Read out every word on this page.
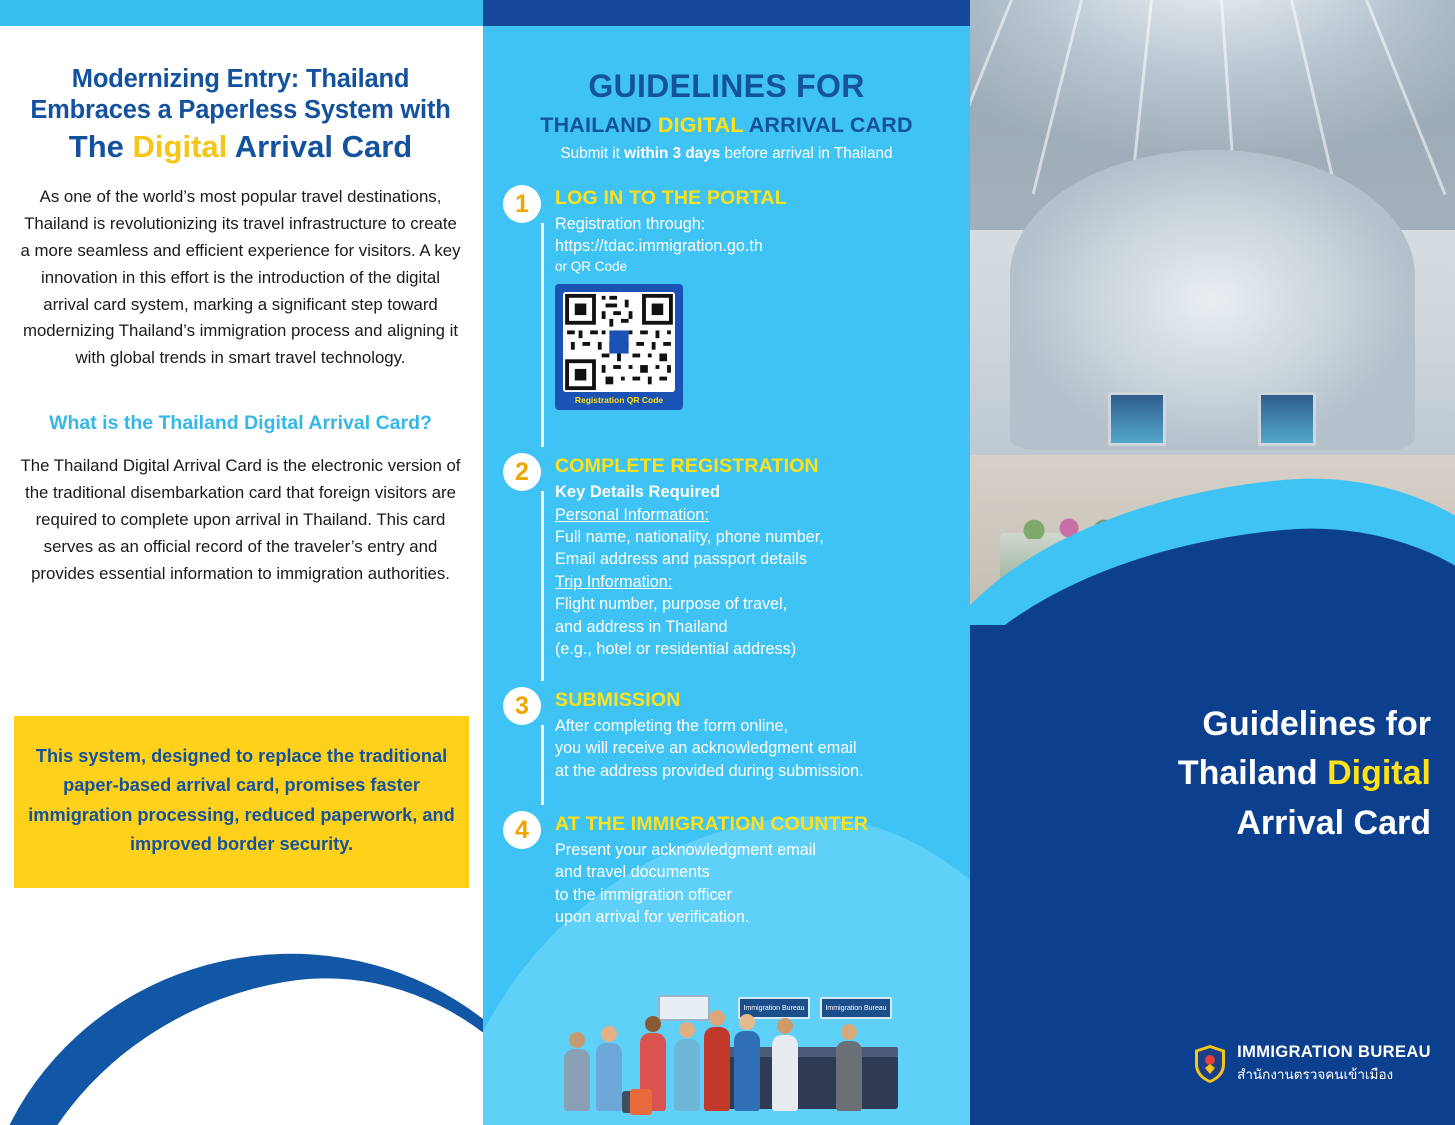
Modernizing Entry: Thailand
Embraces a Paperless System with
The Digital Arrival Card

As one of the world’s most popular travel destinations, Thailand is revolutionizing its travel infrastructure to create a more seamless and efficient experience for visitors. A key innovation in this effort is the introduction of the digital arrival card system, marking a significant step toward modernizing Thailand’s immigration process and aligning it with global trends in smart travel technology.

What is the Thailand Digital Arrival Card?

The Thailand Digital Arrival Card is the electronic version of the traditional disembarkation card that foreign visitors are required to complete upon arrival in Thailand. This card serves as an official record of the traveler’s entry and provides essential information to immigration authorities.

This system, designed to replace the traditional paper-based arrival card, promises faster immigration processing, reduced paperwork, and improved border security.

GUIDELINES FOR
THAILAND DIGITAL ARRIVAL CARD
Submit it within 3 days before arrival in Thailand
1	LOG IN TO THE PORTAL
Registration through:
https://tdac.immigration.go.th
or QR Code
Registration QR Code
2	COMPLETE REGISTRATION
Key Details Required
Personal Information:
Full name, nationality, phone number,
Email address and passport details
Trip Information:
Flight number, purpose of travel,
and address in Thailand
(e.g., hotel or residential address)
3	SUBMISSION
After completing the form online,
you will receive an acknowledgment email
at the address provided during submission.
4	AT THE IMMIGRATION COUNTER
Present your acknowledgment email
and travel documents
to the immigration officer
upon arrival for verification.
Immigration Bureau	Immigration Bureau
Guidelines for
Thailand Digital
Arrival Card
IMMIGRATION BUREAU
สำนักงานตรวจคนเข้าเมือง
